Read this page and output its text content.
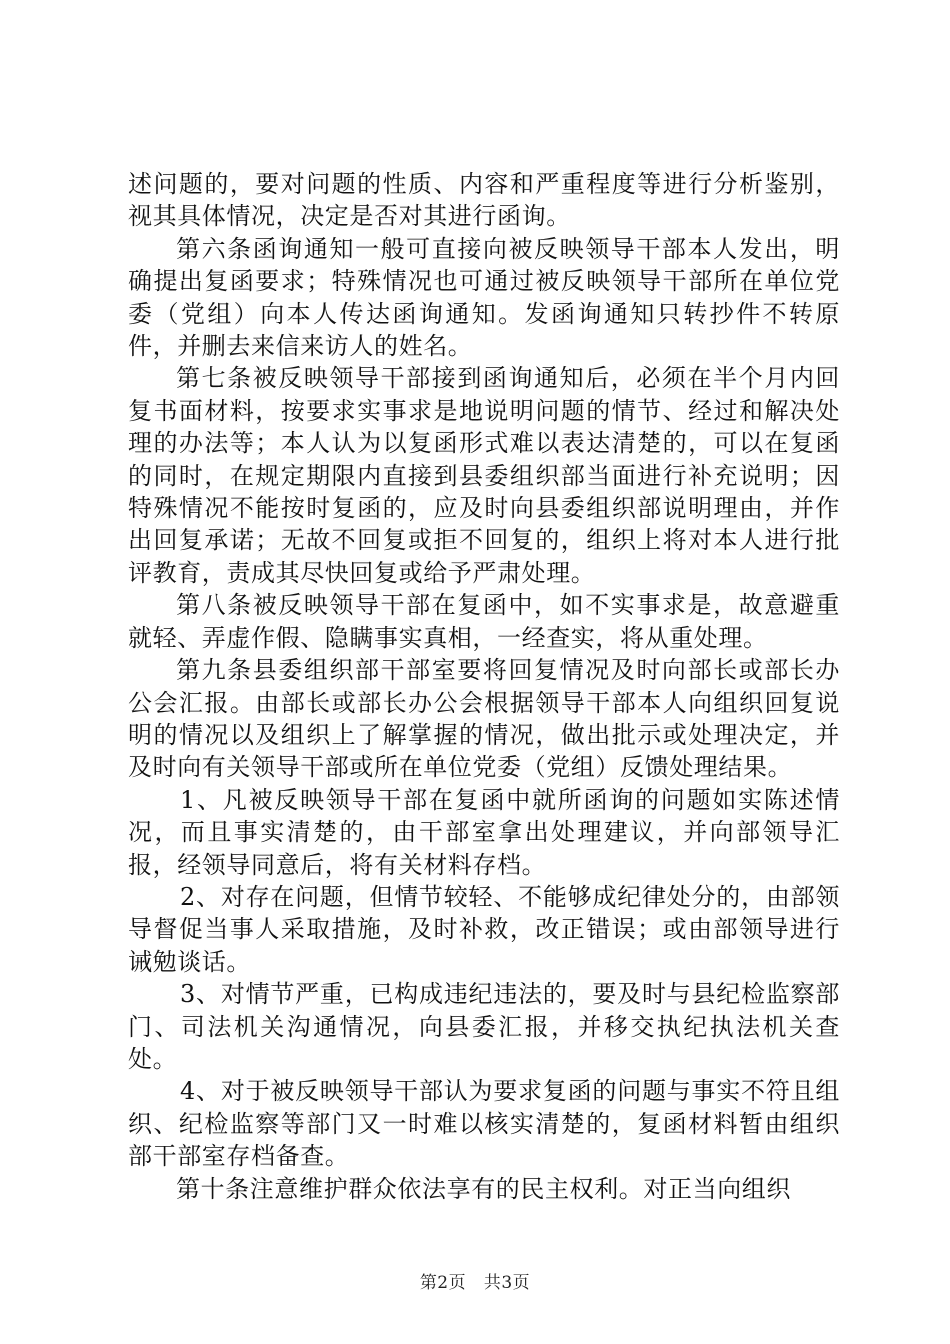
述问题的，要对问题的性质、内容和严重程度等进行分析鉴别，视其具体情况，决定是否对其进行函询。

第六条函询通知一般可直接向被反映领导干部本人发出，明确提出复函要求；特殊情况也可通过被反映领导干部所在单位党委（党组）向本人传达函询通知。发函询通知只转抄件不转原件，并删去来信来访人的姓名。

第七条被反映领导干部接到函询通知后，必须在半个月内回复书面材料，按要求实事求是地说明问题的情节、经过和解决处理的办法等；本人认为以复函形式难以表达清楚的，可以在复函的同时，在规定期限内直接到县委组织部当面进行补充说明；因特殊情况不能按时复函的，应及时向县委组织部说明理由，并作出回复承诺；无故不回复或拒不回复的，组织上将对本人进行批评教育，责成其尽快回复或给予严肃处理。

第八条被反映领导干部在复函中，如不实事求是，故意避重就轻、弄虚作假、隐瞒事实真相，一经查实，将从重处理。

第九条县委组织部干部室要将回复情况及时向部长或部长办公会汇报。由部长或部长办公会根据领导干部本人向组织回复说明的情况以及组织上了解掌握的情况，做出批示或处理决定，并及时向有关领导干部或所在单位党委（党组）反馈处理结果。

1、凡被反映领导干部在复函中就所函询的问题如实陈述情况，而且事实清楚的，由干部室拿出处理建议，并向部领导汇报，经领导同意后，将有关材料存档。

2、对存在问题，但情节较轻、不能够成纪律处分的，由部领导督促当事人采取措施，及时补救，改正错误；或由部领导进行诫勉谈话。

3、对情节严重，已构成违纪违法的，要及时与县纪检监察部门、司法机关沟通情况，向县委汇报，并移交执纪执法机关查处。

4、对于被反映领导干部认为要求复函的问题与事实不符且组织、纪检监察等部门又一时难以核实清楚的，复函材料暂由组织部干部室存档备查。

第十条注意维护群众依法享有的民主权利。对正当向组织

第2页 共3页
